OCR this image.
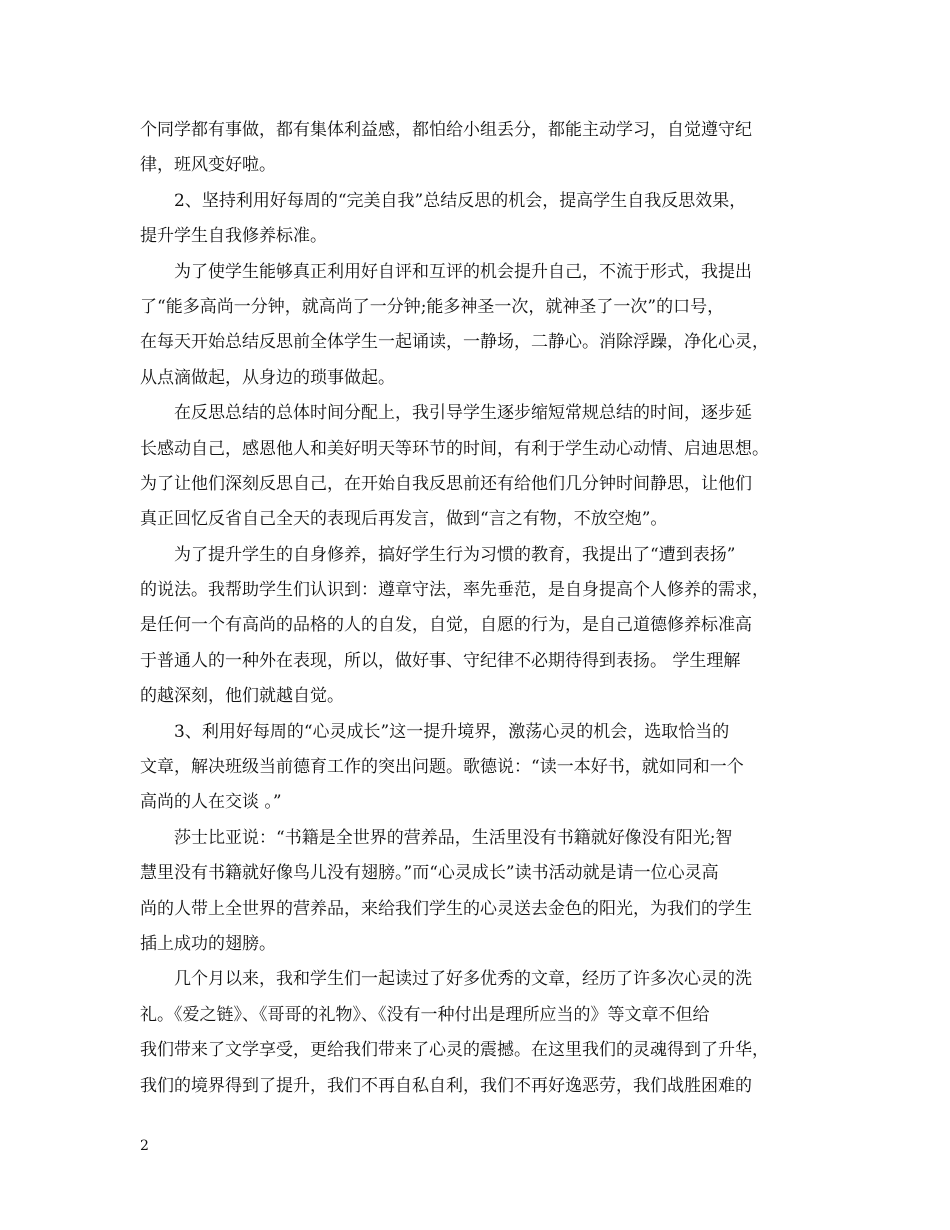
个同学都有事做，都有集体利益感，都怕给小组丢分，都能主动学习，自觉遵守纪
律，班风变好啦。
2、坚持利用好每周的“完美自我”总结反思的机会，提高学生自我反思效果，
提升学生自我修养标准。
为了使学生能够真正利用好自评和互评的机会提升自己，不流于形式，我提出
了“能多高尚一分钟，就高尚了一分钟;能多神圣一次，就神圣了一次”的口号，
在每天开始总结反思前全体学生一起诵读，一静场，二静心。消除浮躁，净化心灵，
从点滴做起，从身边的琐事做起。
在反思总结的总体时间分配上，我引导学生逐步缩短常规总结的时间，逐步延
长感动自己，感恩他人和美好明天等环节的时间，有利于学生动心动情、启迪思想。
为了让他们深刻反思自己，在开始自我反思前还有给他们几分钟时间静思，让他们
真正回忆反省自己全天的表现后再发言，做到“言之有物，不放空炮”。
为了提升学生的自身修养，搞好学生行为习惯的教育，我提出了“遭到表扬”
的说法。我帮助学生们认识到：遵章守法，率先垂范，是自身提高个人修养的需求，
是任何一个有高尚的品格的人的自发，自觉，自愿的行为，是自己道德修养标准高
于普通人的一种外在表现，所以，做好事、守纪律不必期待得到表扬。 学生理解
的越深刻，他们就越自觉。
3、利用好每周的“心灵成长”这一提升境界，激荡心灵的机会，选取恰当的
文章，解决班级当前德育工作的突出问题。歌德说：“读一本好书，就如同和一个
高尚的人在交谈 。”
莎士比亚说：“书籍是全世界的营养品，生活里没有书籍就好像没有阳光;智
慧里没有书籍就好像鸟儿没有翅膀。”而“心灵成长”读书活动就是请一位心灵高
尚的人带上全世界的营养品，来给我们学生的心灵送去金色的阳光，为我们的学生
插上成功的翅膀。
几个月以来，我和学生们一起读过了好多优秀的文章，经历了许多次心灵的洗
礼。《爱之链》、《哥哥的礼物》、《没有一种付出是理所应当的》等文章不但给
我们带来了文学享受，更给我们带来了心灵的震撼。在这里我们的灵魂得到了升华，
我们的境界得到了提升，我们不再自私自利，我们不再好逸恶劳，我们战胜困难的
2
